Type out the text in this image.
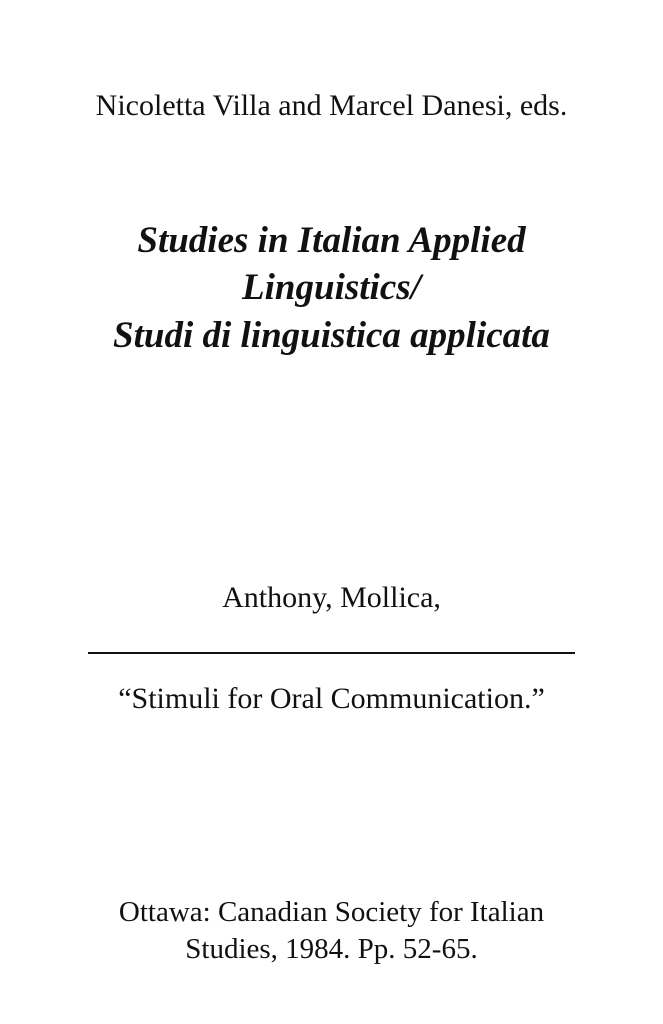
Nicoletta Villa and Marcel Danesi, eds.

Studies in Italian Applied

Linguistics/

Studi di linguistica applicata

Anthony, Mollica,

“Stimuli for Oral Communication.”

Ottawa: Canadian Society for Italian

Studies, 1984. Pp. 52-65.
